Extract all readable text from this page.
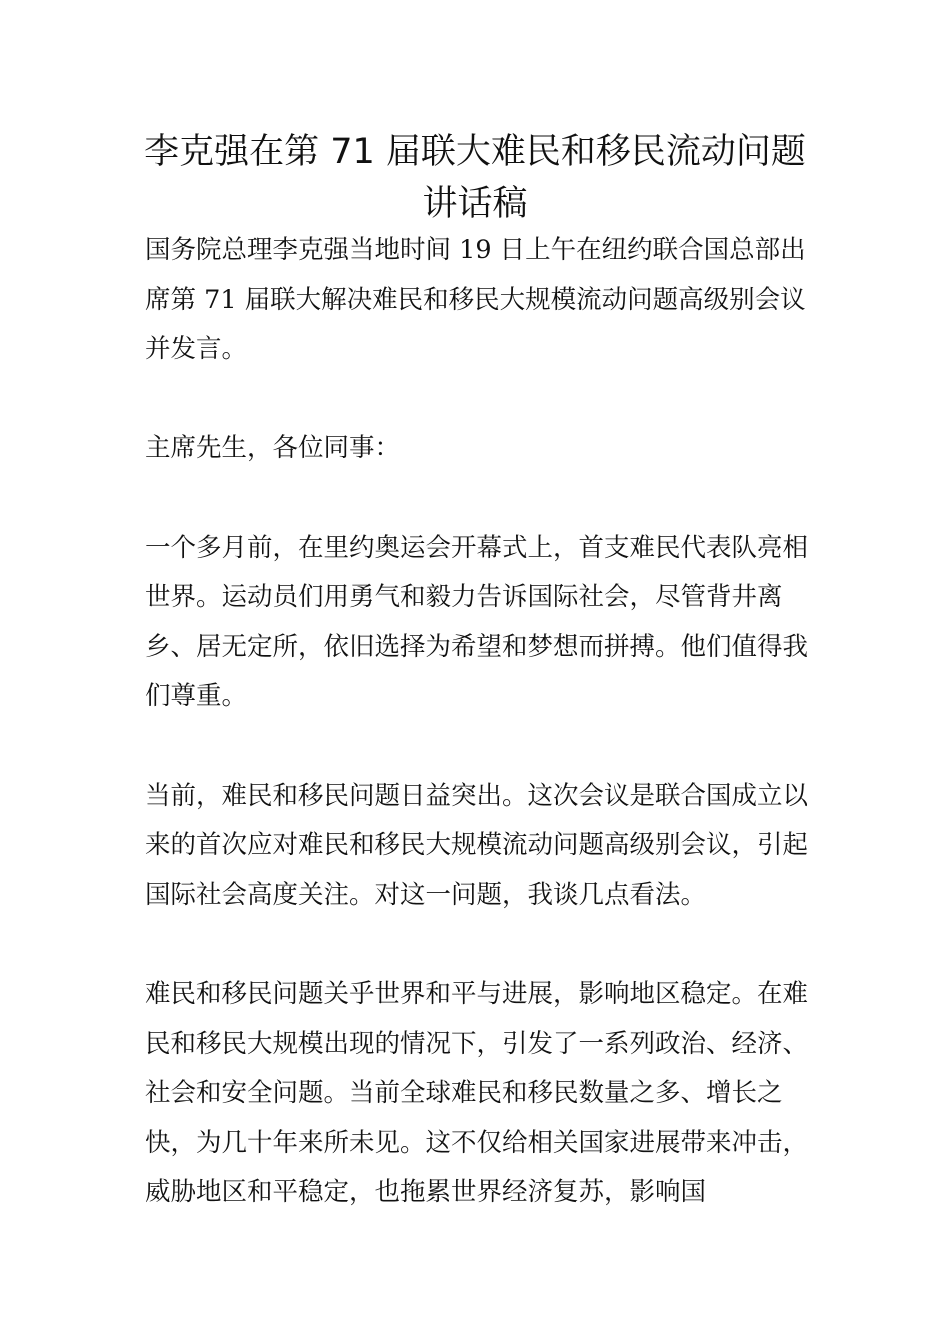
李克强在第 71 届联大难民和移民流动问题
讲话稿

国务院总理李克强当地时间 19 日上午在纽约联合国总部出席第 71 届联大解决难民和移民大规模流动问题高级别会议并发言。

主席先生，各位同事：

一个多月前，在里约奥运会开幕式上，首支难民代表队亮相世界。运动员们用勇气和毅力告诉国际社会，尽管背井离乡、居无定所，依旧选择为希望和梦想而拼搏。他们值得我们尊重。

当前，难民和移民问题日益突出。这次会议是联合国成立以来的首次应对难民和移民大规模流动问题高级别会议，引起国际社会高度关注。对这一问题，我谈几点看法。

难民和移民问题关乎世界和平与进展，影响地区稳定。在难民和移民大规模出现的情况下，引发了一系列政治、经济、社会和安全问题。当前全球难民和移民数量之多、增长之快，为几十年来所未见。这不仅给相关国家进展带来冲击，威胁地区和平稳定，也拖累世界经济复苏，影响国
